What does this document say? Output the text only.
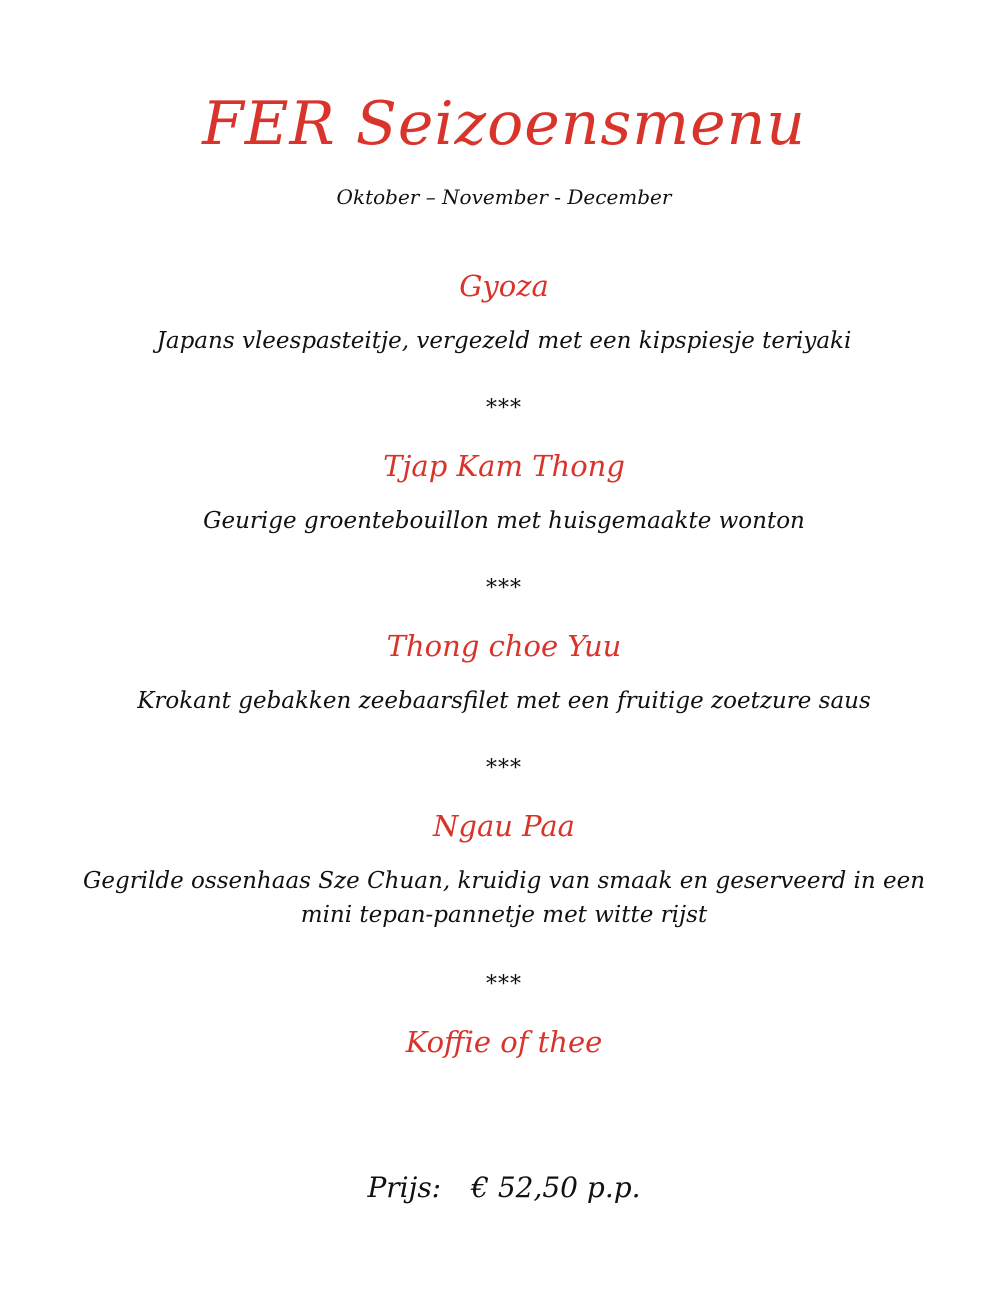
FER Seizoensmenu

Oktober – November - December

Gyoza

Japans vleespasteitje, vergezeld met een kipspiesje teriyaki

***

Tjap Kam Thong

Geurige groentebouillon met huisgemaakte wonton

***

Thong choe Yuu

Krokant gebakken zeebaarsfilet met een fruitige zoetzure saus

***

Ngau Paa

Gegrilde ossenhaas Sze Chuan, kruidig van smaak en geserveerd in een mini tepan-pannetje met witte rijst

***

Koffie of thee

Prijs: € 52,50 p.p.
